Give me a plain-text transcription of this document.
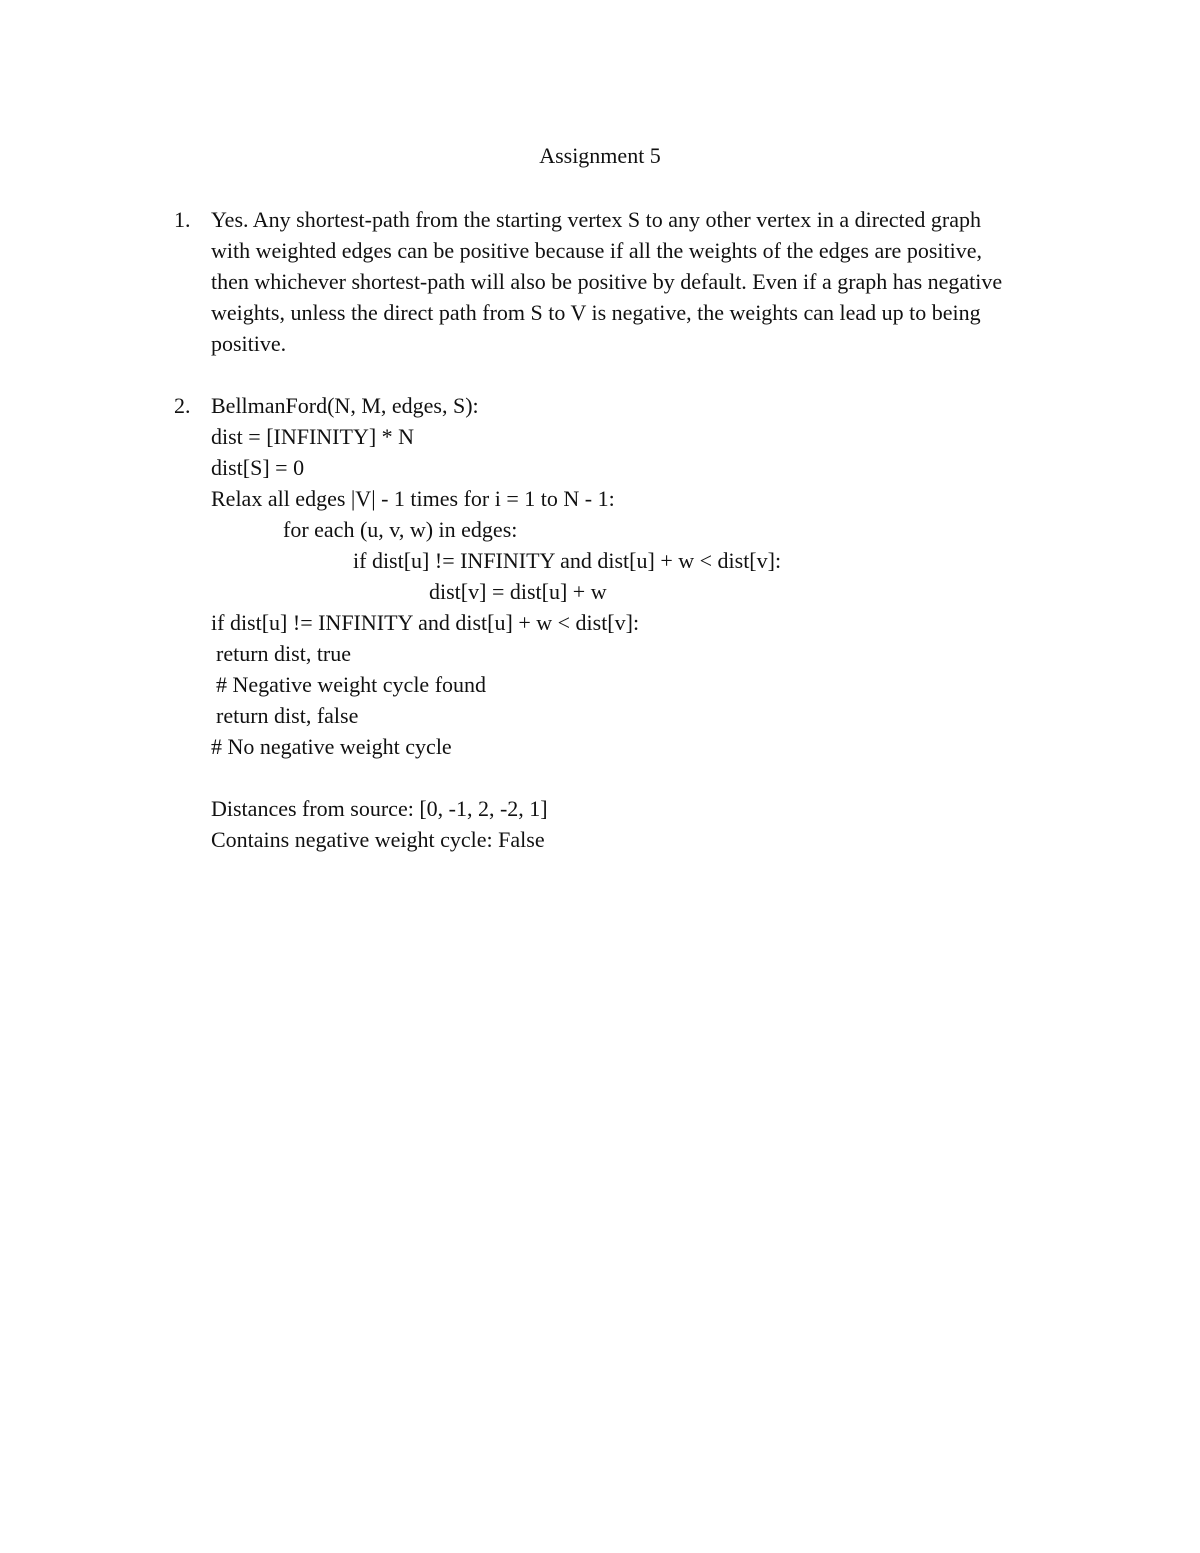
Assignment 5
1. Yes. Any shortest-path from the starting vertex S to any other vertex in a directed graph
with weighted edges can be positive because if all the weights of the edges are positive,
then whichever shortest-path will also be positive by default. Even if a graph has negative
weights, unless the direct path from S to V is negative, the weights can lead up to being
positive.
2. BellmanFord(N, M, edges, S):
dist = [INFINITY] * N
dist[S] = 0
Relax all edges |V| - 1 times for i = 1 to N - 1:
for each (u, v, w) in edges:
if dist[u] != INFINITY and dist[u] + w < dist[v]:
dist[v] = dist[u] + w
if dist[u] != INFINITY and dist[u] + w < dist[v]:
return dist, true
# Negative weight cycle found
return dist, false
# No negative weight cycle
Distances from source: [0, -1, 2, -2, 1]
Contains negative weight cycle: False
